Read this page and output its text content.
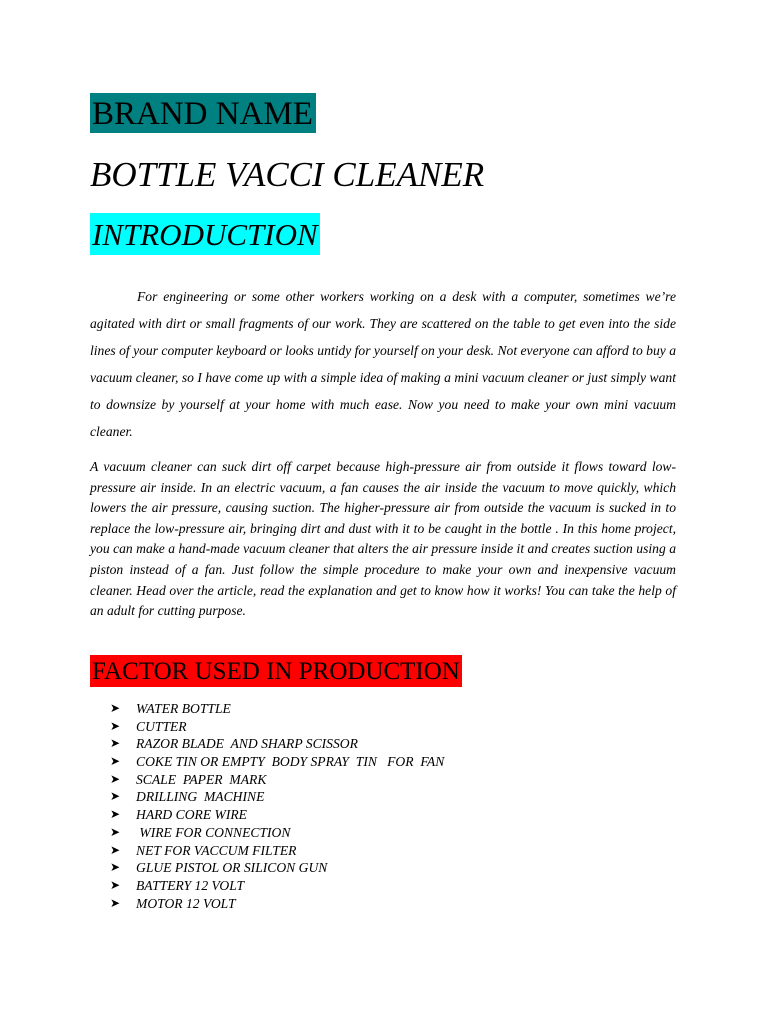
BRAND NAME
BOTTLE VACCI CLEANER
INTRODUCTION

For engineering or some other workers working on a desk with a computer, sometimes we’re agitated with dirt or small fragments of our work. They are scattered on the table to get even into the side lines of your computer keyboard or looks untidy for yourself on your desk. Not everyone can afford to buy a vacuum cleaner, so I have come up with a simple idea of making a mini vacuum cleaner or just simply want to downsize by yourself at your home with much ease. Now you need to make your own mini vacuum cleaner.

A vacuum cleaner can suck dirt off carpet because high-pressure air from outside it flows toward low-pressure air inside. In an electric vacuum, a fan causes the air inside the vacuum to move quickly, which lowers the air pressure, causing suction. The higher-pressure air from outside the vacuum is sucked in to replace the low-pressure air, bringing dirt and dust with it to be caught in the bottle . In this home project, you can make a hand-made vacuum cleaner that alters the air pressure inside it and creates suction using a piston instead of a fan. Just follow the simple procedure to make your own and inexpensive vacuum cleaner. Head over the article, read the explanation and get to know how it works! You can take the help of an adult for cutting purpose.

FACTOR USED IN PRODUCTION
➤	WATER BOTTLE
➤	CUTTER
➤	RAZOR BLADE  AND SHARP SCISSOR
➤	COKE TIN OR EMPTY  BODY SPRAY  TIN   FOR  FAN
➤	SCALE  PAPER  MARK
➤	DRILLING  MACHINE
➤	HARD CORE WIRE
➤	WIRE FOR CONNECTION
➤	NET FOR VACCUM FILTER
➤	GLUE PISTOL OR SILICON GUN
➤	BATTERY 12 VOLT
➤	MOTOR 12 VOLT
